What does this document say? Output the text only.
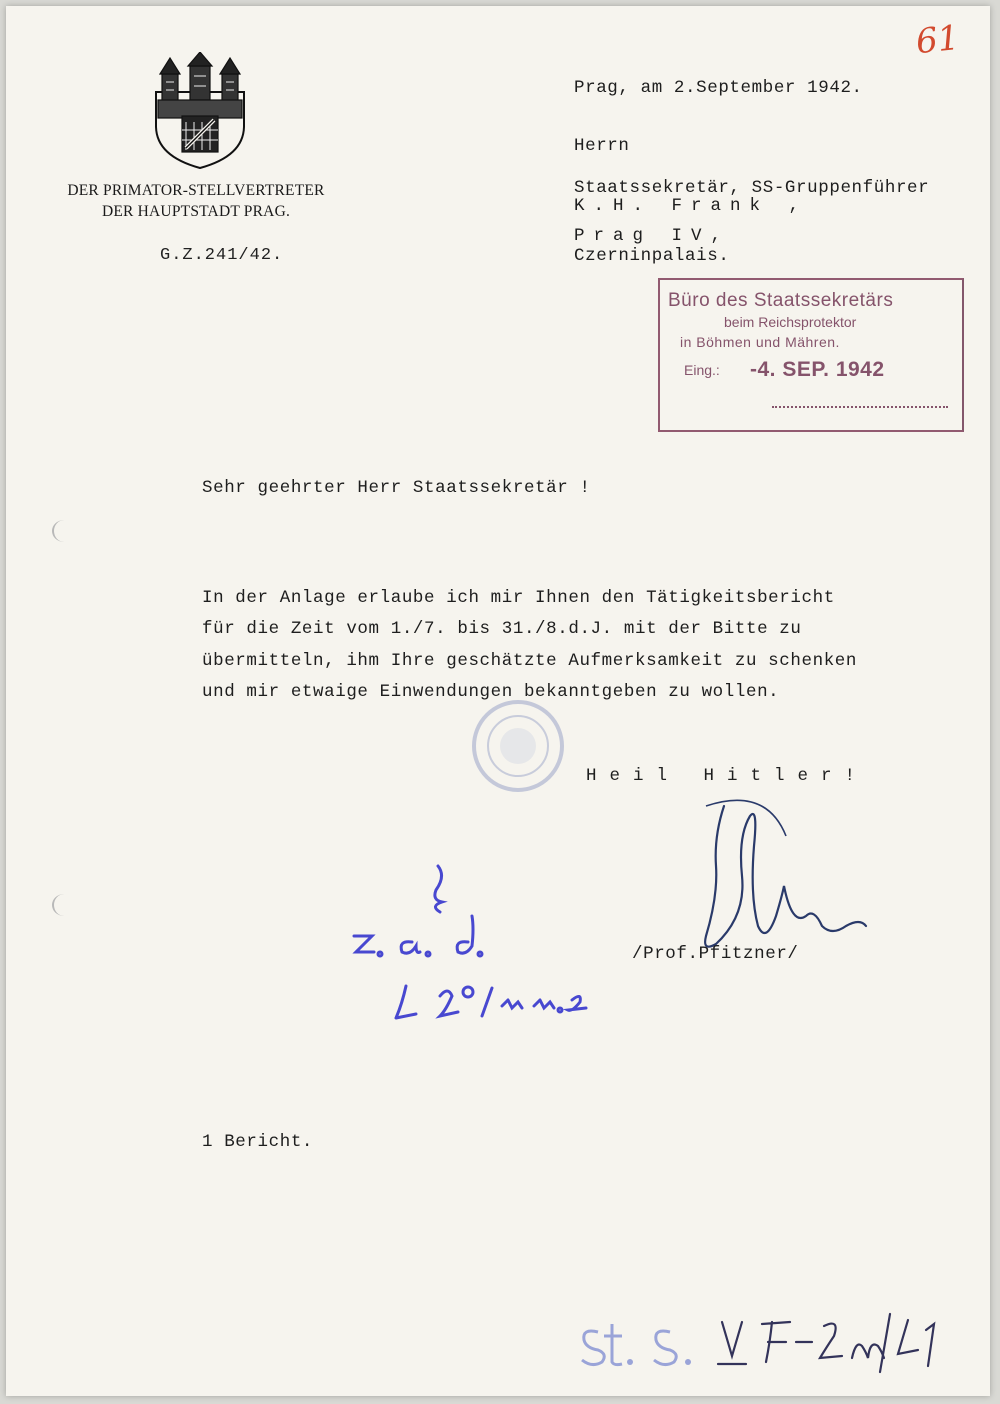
61
DER PRIMATOR-STELLVERTRETER
DER HAUPTSTADT PRAG.
G.Z.241/42.
Prag, am 2.September 1942.
Herrn
Staatssekretär, SS-Gruppenführer
K.H. Frank ,
Prag IV,
Czerninpalais.
Büro des Staatssekretärs
beim Reichsprotektor
in Böhmen und Mähren.
Eing.: -4. SEP. 1942
Sehr geehrter Herr Staatssekretär !
In der Anlage erlaube ich mir Ihnen den Tätigkeitsbericht
für die Zeit vom 1./7. bis 31./8.d.J. mit der Bitte zu
übermitteln, ihm Ihre geschätzte Aufmerksamkeit zu schenken
und mir etwaige Einwendungen bekanntgeben zu wollen.
Heil Hitler!
/Prof.Pfitzner/
1 Bericht.
